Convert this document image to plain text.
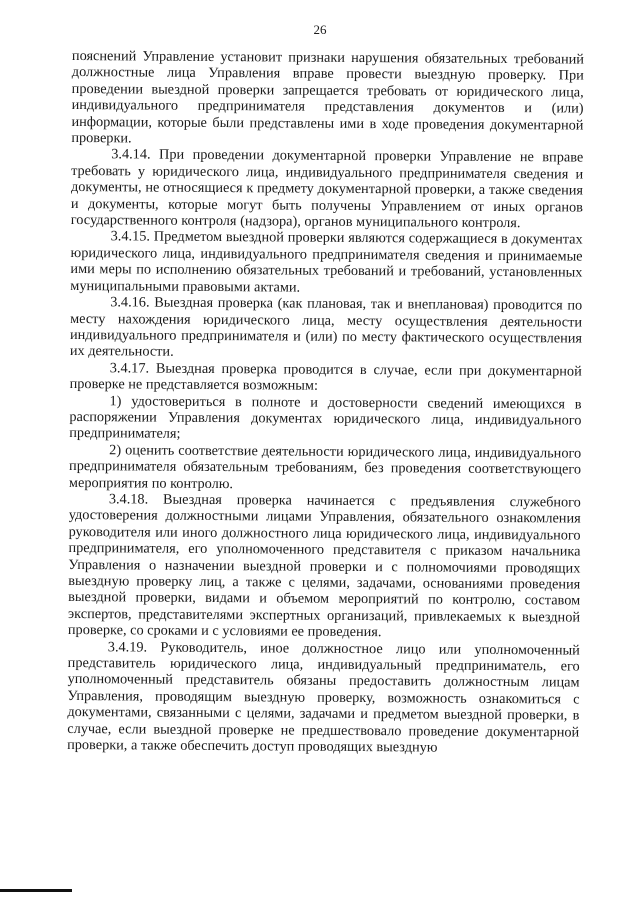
26

пояснений Управление установит признаки нарушения обязательных требований должностные лица Управления вправе провести выездную проверку. При проведении выездной проверки запрещается требовать от юридического лица, индивидуального предпринимателя представления документов и (или) информации, которые были представлены ими в ходе проведения документарной проверки.

3.4.14. При проведении документарной проверки Управление не вправе требовать у юридического лица, индивидуального предпринимателя сведения и документы, не относящиеся к предмету документарной проверки, а также сведения и документы, которые могут быть получены Управлением от иных органов государственного контроля (надзора), органов муниципального контроля.

3.4.15. Предметом выездной проверки являются содержащиеся в документах юридического лица, индивидуального предпринимателя сведения и принимаемые ими меры по исполнению обязательных требований и требований, установленных муниципальными правовыми актами.

3.4.16. Выездная проверка (как плановая, так и внеплановая) проводится по месту нахождения юридического лица, месту осуществления деятельности индивидуального предпринимателя и (или) по месту фактического осуществления их деятельности.

3.4.17. Выездная проверка проводится в случае, если при документарной проверке не представляется возможным:

1) удостовериться в полноте и достоверности сведений имеющихся в распоряжении Управления документах юридического лица, индивидуального предпринимателя;

2) оценить соответствие деятельности юридического лица, индивидуального предпринимателя обязательным требованиям, без проведения соответствующего мероприятия по контролю.

3.4.18. Выездная проверка начинается с предъявления служебного удостоверения должностными лицами Управления, обязательного ознакомления руководителя или иного должностного лица юридического лица, индивидуального предпринимателя, его уполномоченного представителя с приказом начальника Управления о назначении выездной проверки и с полномочиями проводящих выездную проверку лиц, а также с целями, задачами, основаниями проведения выездной проверки, видами и объемом мероприятий по контролю, составом экспертов, представителями экспертных организаций, привлекаемых к выездной проверке, со сроками и с условиями ее проведения.

3.4.19. Руководитель, иное должностное лицо или уполномоченный представитель юридического лица, индивидуальный предприниматель, его уполномоченный представитель обязаны предоставить должностным лицам Управления, проводящим выездную проверку, возможность ознакомиться с документами, связанными с целями, задачами и предметом выездной проверки, в случае, если выездной проверке не предшествовало проведение документарной проверки, а также обеспечить доступ проводящих выездную
